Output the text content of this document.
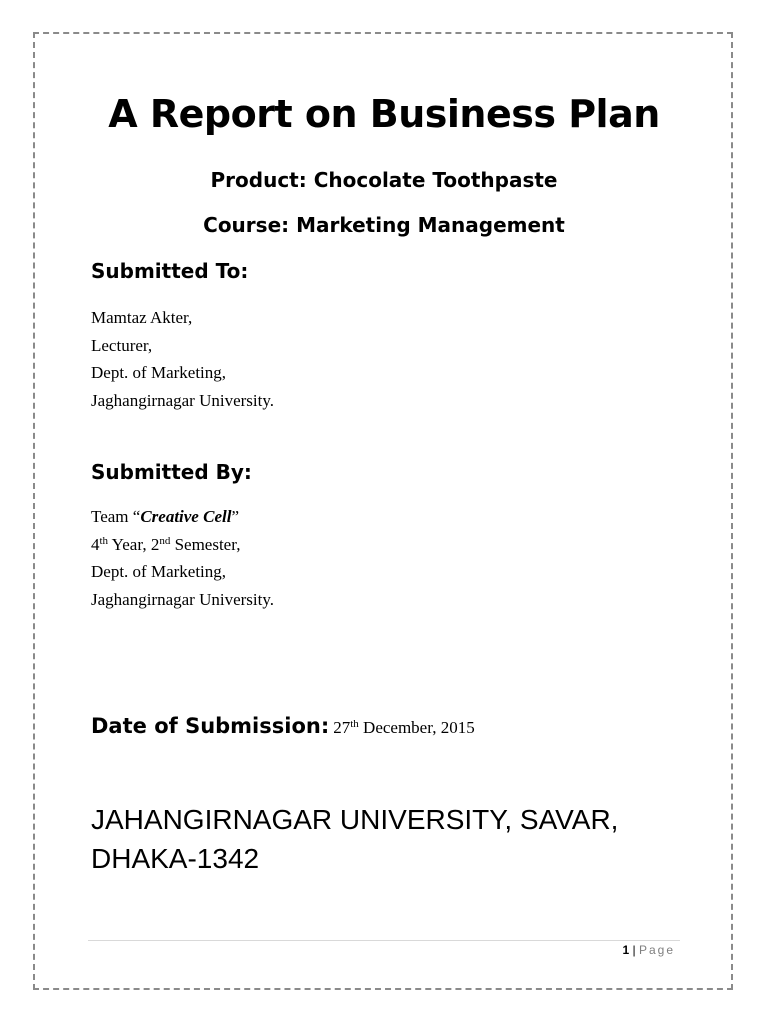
A Report on Business Plan
Product: Chocolate Toothpaste
Course: Marketing Management
Submitted To:
Mamtaz Akter,
Lecturer,
Dept. of Marketing,
Jaghangirnagar University.
Submitted By:
Team “Creative Cell”
4th Year, 2nd Semester,
Dept. of Marketing,
Jaghangirnagar University.
Date of Submission: 27th December, 2015
JAHANGIRNAGAR UNIVERSITY, SAVAR,
DHAKA-1342
1 | Page
